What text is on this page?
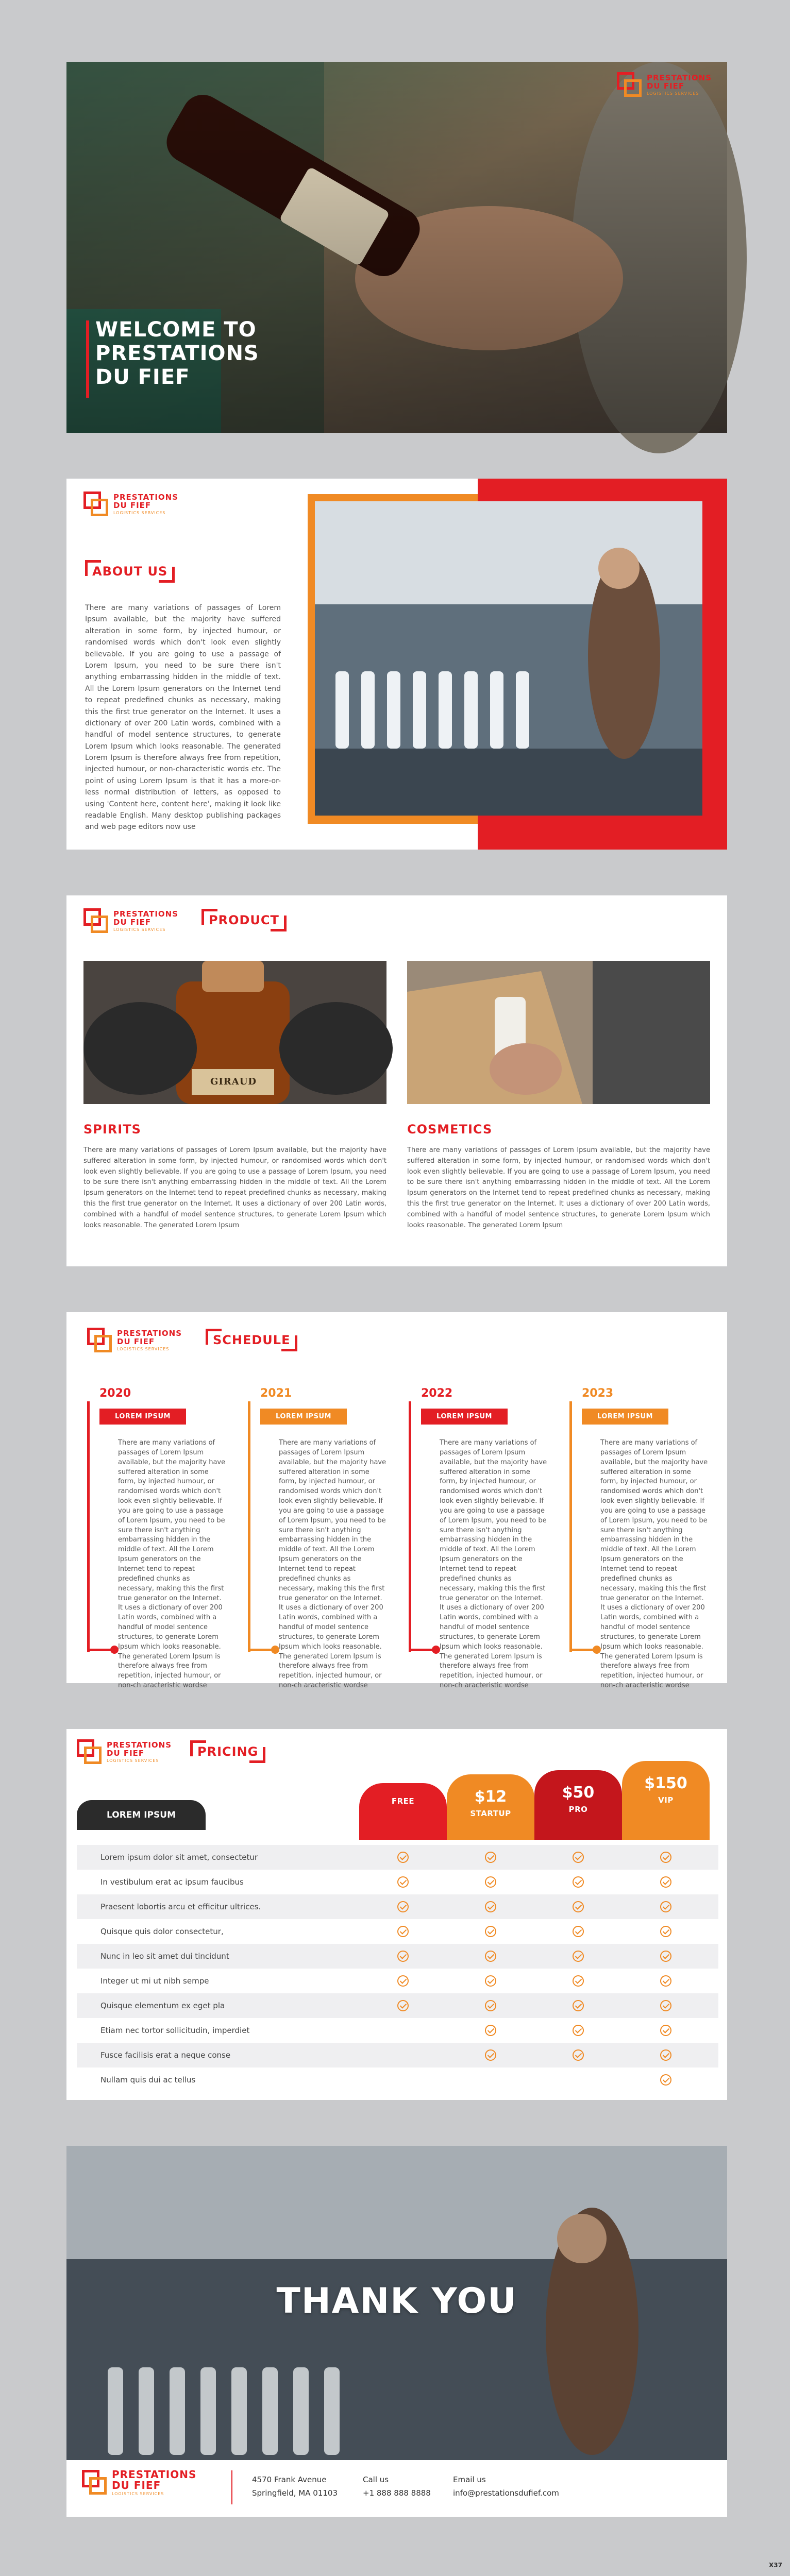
PRESTATIONS
DU FIEF
LOGISTICS SERVICES
WELCOME TO
PRESTATIONS
DU FIEF
PRESTATIONS
DU FIEF
LOGISTICS SERVICES
ABOUT US
There are many variations of passages of Lorem Ipsum available, but the majority have suffered alteration in some form, by injected humour, or randomised words which don't look even slightly believable. If you are going to use a passage of Lorem Ipsum, you need to be sure there isn't anything embarrassing hidden in the middle of text. All the Lorem Ipsum generators on the Internet tend to repeat predefined chunks as necessary, making this the first true generator on the Internet. It uses a dictionary of over 200 Latin words, combined with a handful of model sentence structures, to generate Lorem Ipsum which looks reasonable. The generated Lorem Ipsum is therefore always free from repetition, injected humour, or non-characteristic words etc. The point of using Lorem Ipsum is that it has a more-or-less normal distribution of letters, as opposed to using 'Content here, content here', making it look like readable English. Many desktop publishing packages and web page editors now use
PRESTATIONS
DU FIEF
LOGISTICS SERVICES
PRODUCT
GIRAUD
SPIRITS
There are many variations of passages of Lorem Ipsum available, but the majority have suffered alteration in some form, by injected humour, or randomised words which don't look even slightly believable. If you are going to use a passage of Lorem Ipsum, you need to be sure there isn't anything embarrassing hidden in the middle of text. All the Lorem Ipsum generators on the Internet tend to repeat predefined chunks as necessary, making this the first true generator on the Internet. It uses a dictionary of over 200 Latin words, combined with a handful of model sentence structures, to generate Lorem Ipsum which looks reasonable. The generated Lorem Ipsum
COSMETICS
There are many variations of passages of Lorem Ipsum available, but the majority have suffered alteration in some form, by injected humour, or randomised words which don't look even slightly believable. If you are going to use a passage of Lorem Ipsum, you need to be sure there isn't anything embarrassing hidden in the middle of text. All the Lorem Ipsum generators on the Internet tend to repeat predefined chunks as necessary, making this the first true generator on the Internet. It uses a dictionary of over 200 Latin words, combined with a handful of model sentence structures, to generate Lorem Ipsum which looks reasonable. The generated Lorem Ipsum
PRESTATIONS
DU FIEF
LOGISTICS SERVICES
SCHEDULE
2020
LOREM IPSUM
There are many variations of passages of Lorem Ipsum available, but the majority have suffered alteration in some form, by injected humour, or randomised words which don't look even slightly believable. If you are going to use a passage of Lorem Ipsum, you need to be sure there isn't anything embarrassing hidden in the middle of text. All the Lorem Ipsum generators on the Internet tend to repeat predefined chunks as necessary, making this the first true generator on the Internet. It uses a dictionary of over 200 Latin words, combined with a handful of model sentence structures, to generate Lorem Ipsum which looks reasonable. The generated Lorem Ipsum is therefore always free from repetition, injected humour, or non-ch aracteristic wordse
2021
LOREM IPSUM
There are many variations of passages of Lorem Ipsum available, but the majority have suffered alteration in some form, by injected humour, or randomised words which don't look even slightly believable. If you are going to use a passage of Lorem Ipsum, you need to be sure there isn't anything embarrassing hidden in the middle of text. All the Lorem Ipsum generators on the Internet tend to repeat predefined chunks as necessary, making this the first true generator on the Internet. It uses a dictionary of over 200 Latin words, combined with a handful of model sentence structures, to generate Lorem Ipsum which looks reasonable. The generated Lorem Ipsum is therefore always free from repetition, injected humour, or non-ch aracteristic wordse
2022
LOREM IPSUM
There are many variations of passages of Lorem Ipsum available, but the majority have suffered alteration in some form, by injected humour, or randomised words which don't look even slightly believable. If you are going to use a passage of Lorem Ipsum, you need to be sure there isn't anything embarrassing hidden in the middle of text. All the Lorem Ipsum generators on the Internet tend to repeat predefined chunks as necessary, making this the first true generator on the Internet. It uses a dictionary of over 200 Latin words, combined with a handful of model sentence structures, to generate Lorem Ipsum which looks reasonable. The generated Lorem Ipsum is therefore always free from repetition, injected humour, or non-ch aracteristic wordse
2023
LOREM IPSUM
There are many variations of passages of Lorem Ipsum available, but the majority have suffered alteration in some form, by injected humour, or randomised words which don't look even slightly believable. If you are going to use a passage of Lorem Ipsum, you need to be sure there isn't anything embarrassing hidden in the middle of text. All the Lorem Ipsum generators on the Internet tend to repeat predefined chunks as necessary, making this the first true generator on the Internet. It uses a dictionary of over 200 Latin words, combined with a handful of model sentence structures, to generate Lorem Ipsum which looks reasonable. The generated Lorem Ipsum is therefore always free from repetition, injected humour, or non-ch aracteristic wordse
PRESTATIONS
DU FIEF
LOGISTICS SERVICES
PRICING
LOREM IPSUM
FREE	$12
STARTUP
$50
PRO
$150
VIP
Lorem ipsum dolor sit amet, consectetur
In vestibulum erat ac ipsum faucibus
Praesent lobortis arcu et efficitur ultrices.
Quisque quis dolor consectetur,
Nunc in leo sit amet dui tincidunt
Integer ut mi ut nibh sempe
Quisque elementum ex eget pla
Etiam nec tortor sollicitudin, imperdiet
Fusce facilisis erat a neque conse
Nullam quis dui ac tellus
THANK YOU
PRESTATIONS
DU FIEF
LOGISTICS SERVICES
4570 Frank Avenue
Springfield, MA 01103
Call us
+1 888 888 8888
Email us
info@prestationsdufief.com
X37
